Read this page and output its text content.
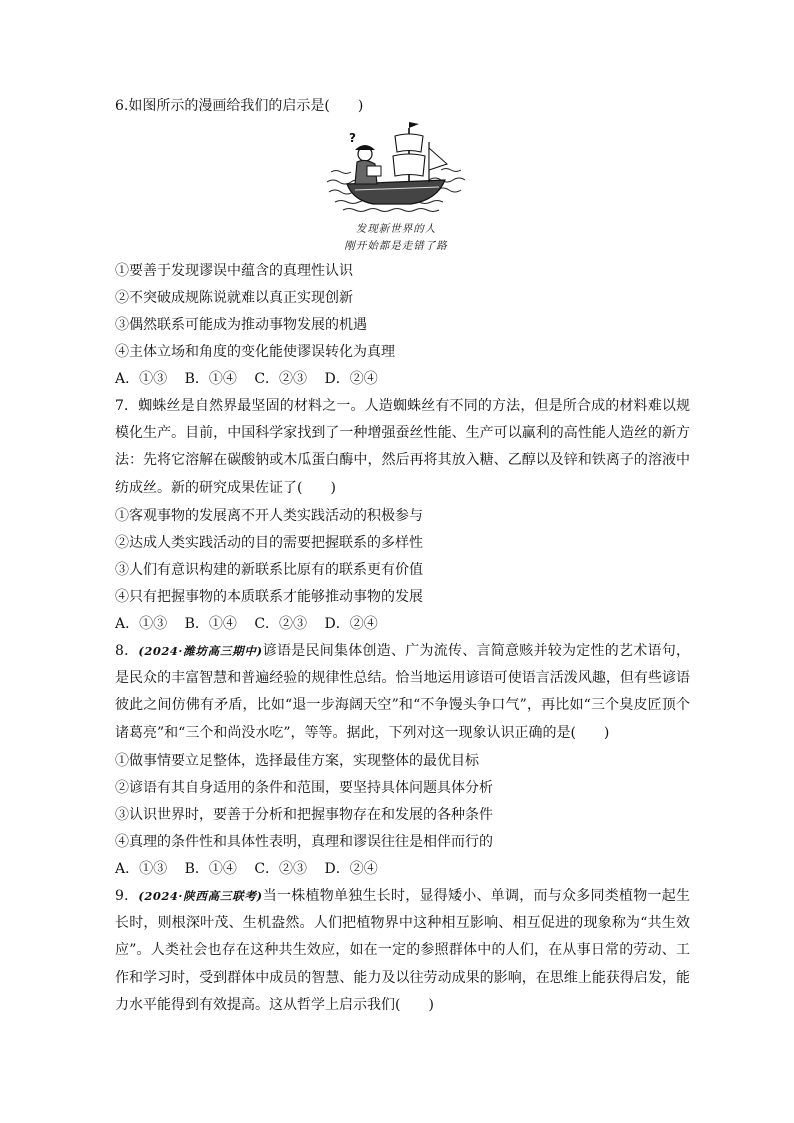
6.如图所示的漫画给我们的启示是(　　)
?
发现新世界的人
刚开始都是走错了路
①要善于发现谬误中蕴含的真理性认识
②不突破成规陈说就难以真正实现创新
③偶然联系可能成为推动事物发展的机遇
④主体立场和角度的变化能使谬误转化为真理
A．①③ B．①④ C．②③ D．②④
7．蜘蛛丝是自然界最坚固的材料之一。人造蜘蛛丝有不同的方法，但是所合成的材料难以规模化生产。目前，中国科学家找到了一种增强蚕丝性能、生产可以赢利的高性能人造丝的新方法：先将它溶解在碳酸钠或木瓜蛋白酶中，然后再将其放入糖、乙醇以及锌和铁离子的溶液中纺成丝。新的研究成果佐证了(　　)
①客观事物的发展离不开人类实践活动的积极参与
②达成人类实践活动的目的需要把握联系的多样性
③人们有意识构建的新联系比原有的联系更有价值
④只有把握事物的本质联系才能够推动事物的发展
A．①③ B．①④ C．②③ D．②④
8．(2024·潍坊高三期中)谚语是民间集体创造、广为流传、言简意赅并较为定性的艺术语句，是民众的丰富智慧和普遍经验的规律性总结。恰当地运用谚语可使语言活泼风趣，但有些谚语彼此之间仿佛有矛盾，比如“退一步海阔天空”和“不争馒头争口气”，再比如“三个臭皮匠顶个诸葛亮”和“三个和尚没水吃”，等等。据此，下列对这一现象认识正确的是(　　)
①做事情要立足整体，选择最佳方案，实现整体的最优目标
②谚语有其自身适用的条件和范围，要坚持具体问题具体分析
③认识世界时，要善于分析和把握事物存在和发展的各种条件
④真理的条件性和具体性表明，真理和谬误往往是相伴而行的
A．①③ B．①④ C．②③ D．②④
9．(2024·陕西高三联考)当一株植物单独生长时，显得矮小、单调，而与众多同类植物一起生长时，则根深叶茂、生机盎然。人们把植物界中这种相互影响、相互促进的现象称为“共生效应”。人类社会也存在这种共生效应，如在一定的参照群体中的人们，在从事日常的劳动、工作和学习时，受到群体中成员的智慧、能力及以往劳动成果的影响，在思维上能获得启发，能力水平能得到有效提高。这从哲学上启示我们(　　)
